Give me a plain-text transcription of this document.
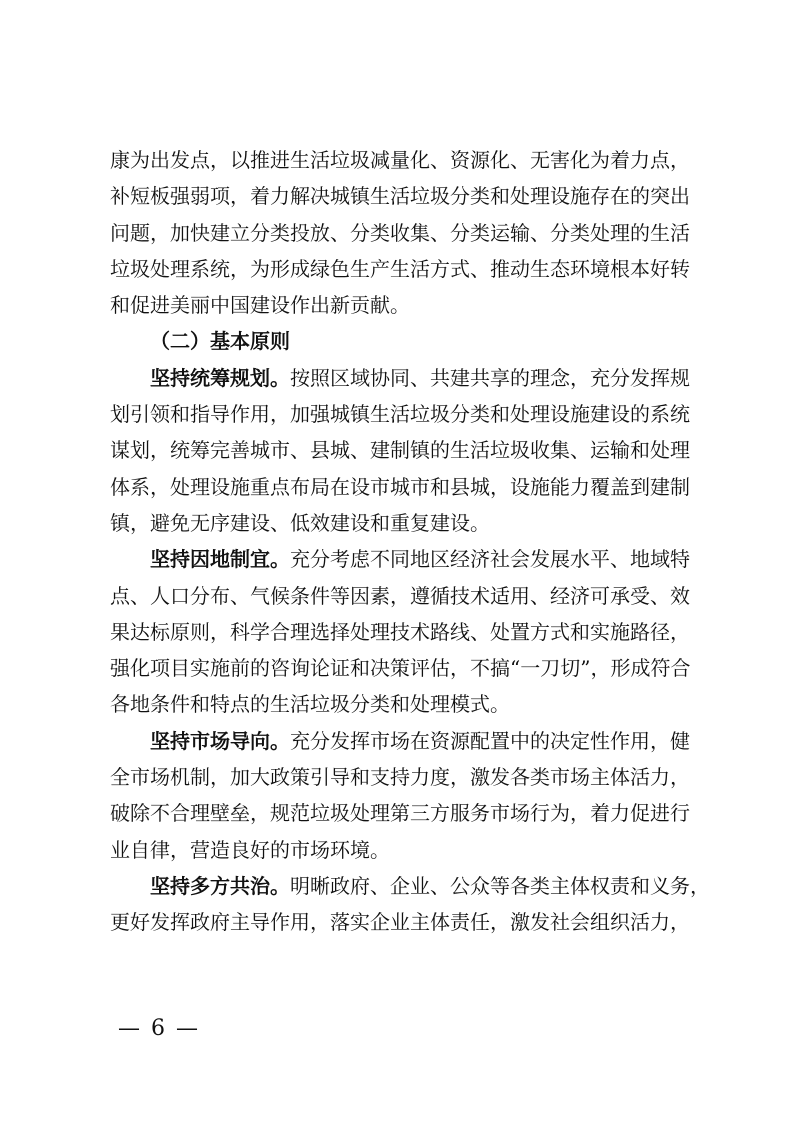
康为出发点，以推进生活垃圾减量化、资源化、无害化为着力点，
补短板强弱项，着力解决城镇生活垃圾分类和处理设施存在的突出
问题，加快建立分类投放、分类收集、分类运输、分类处理的生活
垃圾处理系统，为形成绿色生产生活方式、推动生态环境根本好转
和促进美丽中国建设作出新贡献。
（二）基本原则
坚持统筹规划。按照区域协同、共建共享的理念，充分发挥规
划引领和指导作用，加强城镇生活垃圾分类和处理设施建设的系统
谋划，统筹完善城市、县城、建制镇的生活垃圾收集、运输和处理
体系，处理设施重点布局在设市城市和县城，设施能力覆盖到建制
镇，避免无序建设、低效建设和重复建设。
坚持因地制宜。充分考虑不同地区经济社会发展水平、地域特
点、人口分布、气候条件等因素，遵循技术适用、经济可承受、效
果达标原则，科学合理选择处理技术路线、处置方式和实施路径，
强化项目实施前的咨询论证和决策评估，不搞“一刀切”，形成符合
各地条件和特点的生活垃圾分类和处理模式。
坚持市场导向。充分发挥市场在资源配置中的决定性作用，健
全市场机制，加大政策引导和支持力度，激发各类市场主体活力，
破除不合理壁垒，规范垃圾处理第三方服务市场行为，着力促进行
业自律，营造良好的市场环境。
坚持多方共治。明晰政府、企业、公众等各类主体权责和义务，
更好发挥政府主导作用，落实企业主体责任，激发社会组织活力，
— 6 —
